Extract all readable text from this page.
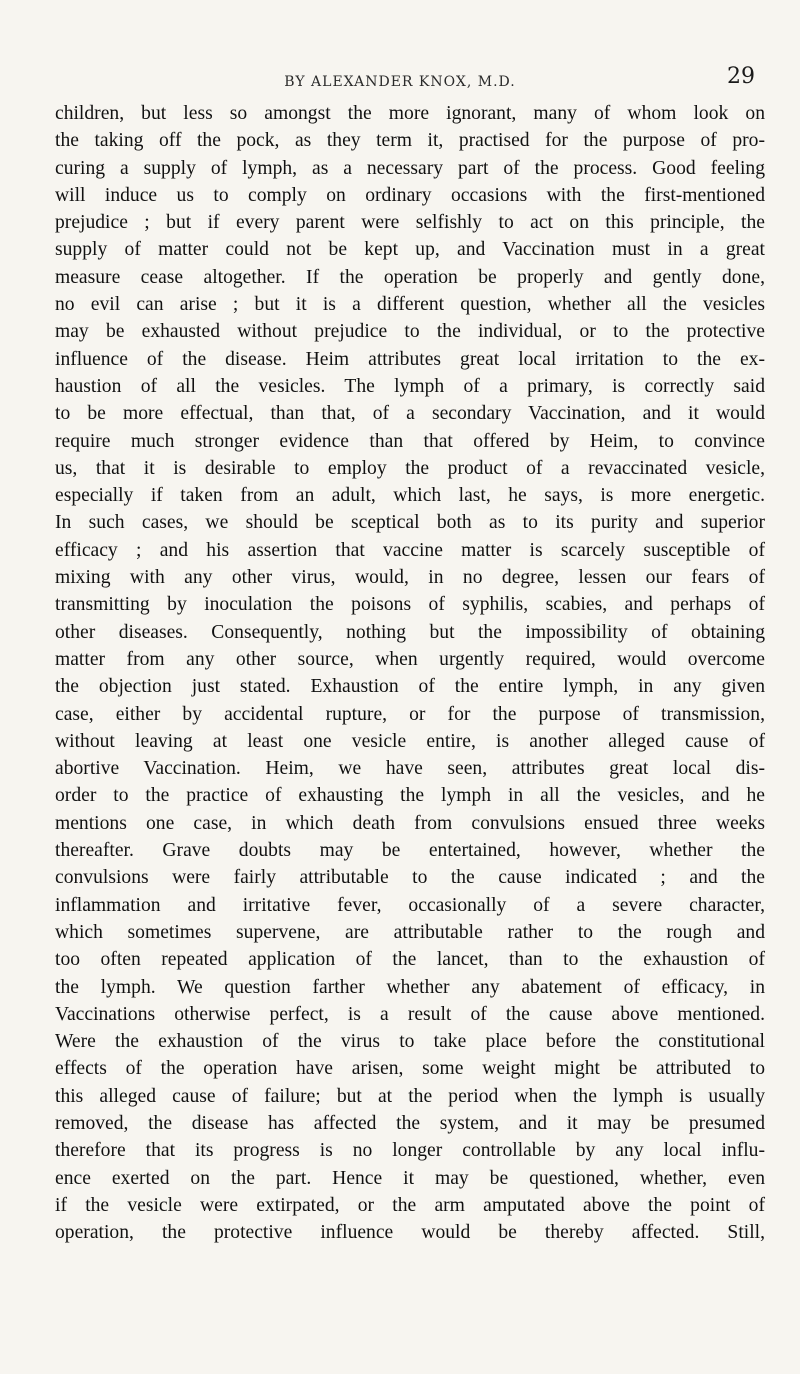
BY ALEXANDER KNOX, M.D.	29
children, but less so amongst the more ignorant, many of whom look on
the taking off the pock, as they term it, practised for the purpose of pro-
curing a supply of lymph, as a necessary part of the process. Good feeling
will induce us to comply on ordinary occasions with the first-mentioned
prejudice ; but if every parent were selfishly to act on this principle, the
supply of matter could not be kept up, and Vaccination must in a great
measure cease altogether. If the operation be properly and gently done,
no evil can arise ; but it is a different question, whether all the vesicles
may be exhausted without prejudice to the individual, or to the protective
influence of the disease. Heim attributes great local irritation to the ex-
haustion of all the vesicles. The lymph of a primary, is correctly said
to be more effectual, than that, of a secondary Vaccination, and it would
require much stronger evidence than that offered by Heim, to convince
us, that it is desirable to employ the product of a revaccinated vesicle,
especially if taken from an adult, which last, he says, is more energetic.
In such cases, we should be sceptical both as to its purity and superior
efficacy ; and his assertion that vaccine matter is scarcely susceptible of
mixing with any other virus, would, in no degree, lessen our fears of
transmitting by inoculation the poisons of syphilis, scabies, and perhaps of
other diseases. Consequently, nothing but the impossibility of obtaining
matter from any other source, when urgently required, would overcome
the objection just stated. Exhaustion of the entire lymph, in any given
case, either by accidental rupture, or for the purpose of transmission,
without leaving at least one vesicle entire, is another alleged cause of
abortive Vaccination. Heim, we have seen, attributes great local dis-
order to the practice of exhausting the lymph in all the vesicles, and he
mentions one case, in which death from convulsions ensued three weeks
thereafter. Grave doubts may be entertained, however, whether the
convulsions were fairly attributable to the cause indicated ; and the
inflammation and irritative fever, occasionally of a severe character,
which sometimes supervene, are attributable rather to the rough and
too often repeated application of the lancet, than to the exhaustion of
the lymph. We question farther whether any abatement of efficacy, in
Vaccinations otherwise perfect, is a result of the cause above mentioned.
Were the exhaustion of the virus to take place before the constitutional
effects of the operation have arisen, some weight might be attributed to
this alleged cause of failure; but at the period when the lymph is usually
removed, the disease has affected the system, and it may be presumed
therefore that its progress is no longer controllable by any local influ-
ence exerted on the part. Hence it may be questioned, whether, even
if the vesicle were extirpated, or the arm amputated above the point of
operation, the protective influence would be thereby affected. Still,
